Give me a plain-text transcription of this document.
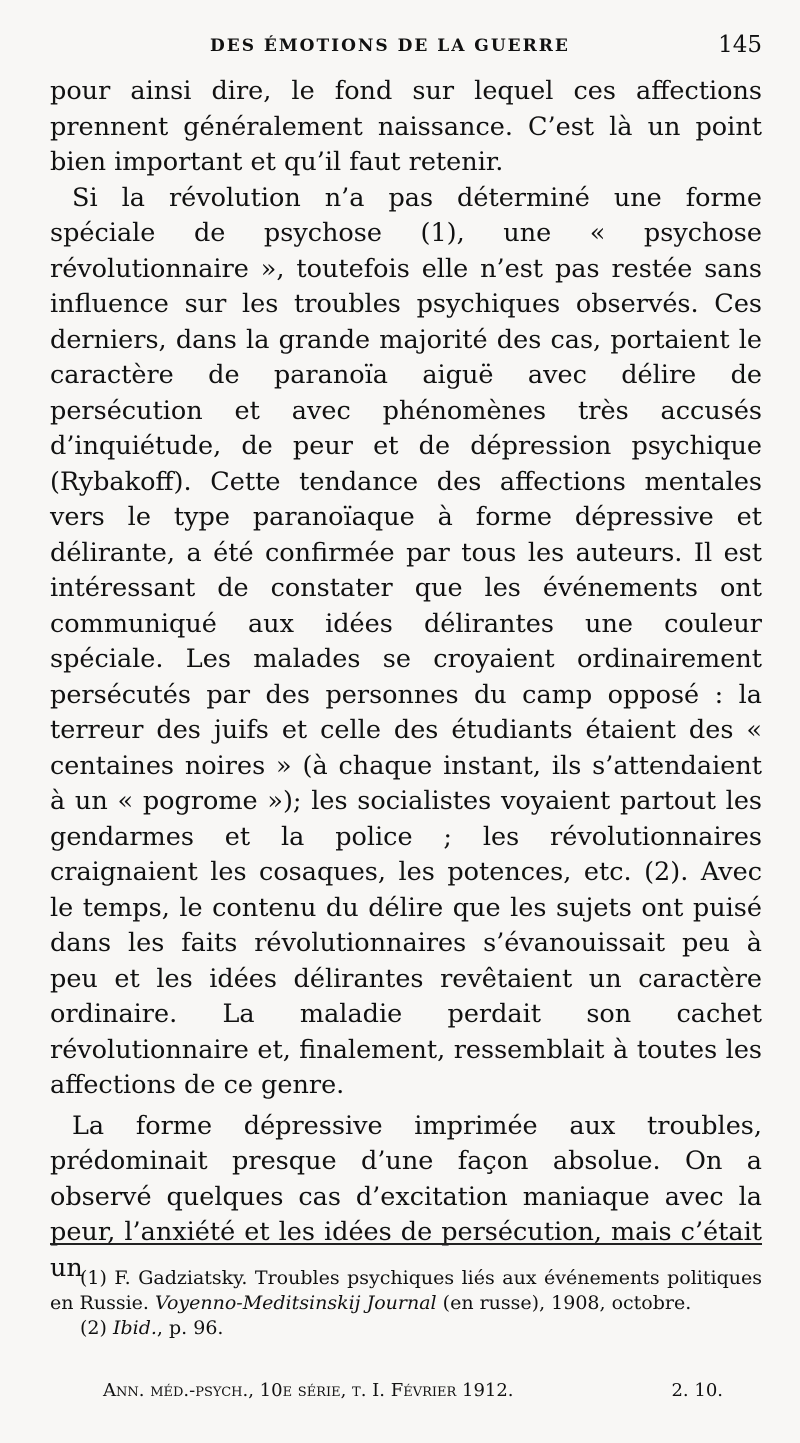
DES ÉMOTIONS DE LA GUERRE	145

pour ainsi dire, le fond sur lequel ces affections prennent généralement naissance. C’est là un point bien important et qu’il faut retenir.

Si la révolution n’a pas déterminé une forme spéciale de psychose (1), une « psychose révolutionnaire », toutefois elle n’est pas restée sans influence sur les troubles psychiques observés. Ces derniers, dans la grande majorité des cas, portaient le caractère de paranoïa aiguë avec délire de persécution et avec phénomènes très accusés d’inquiétude, de peur et de dépression psychique (Rybakoff). Cette tendance des affections mentales vers le type paranoïaque à forme dépressive et délirante, a été confirmée par tous les auteurs. Il est intéressant de constater que les événements ont communiqué aux idées délirantes une couleur spéciale. Les malades se croyaient ordinairement persécutés par des personnes du camp opposé : la terreur des juifs et celle des étudiants étaient des « centaines noires » (à chaque instant, ils s’attendaient à un « pogrome »); les socialistes voyaient partout les gendarmes et la police ; les révolutionnaires craignaient les cosaques, les potences, etc. (2). Avec le temps, le contenu du délire que les sujets ont puisé dans les faits révolutionnaires s’évanouissait peu à peu et les idées délirantes revêtaient un caractère ordinaire. La maladie perdait son cachet révolutionnaire et, finalement, ressemblait à toutes les affections de ce genre.

La forme dépressive imprimée aux troubles, prédominait presque d’une façon absolue. On a observé quelques cas d’excitation maniaque avec la peur, l’anxiété et les idées de persécution, mais c’était un

(1) F. Gadziatsky. Troubles psychiques liés aux événements politiques en Russie. Voyenno-Meditsinskij Journal (en russe), 1908, octobre.

(2) Ibid., p. 96.

Ann. méd.-psych., 10e série, t. I. Février 1912.	2. 10.
